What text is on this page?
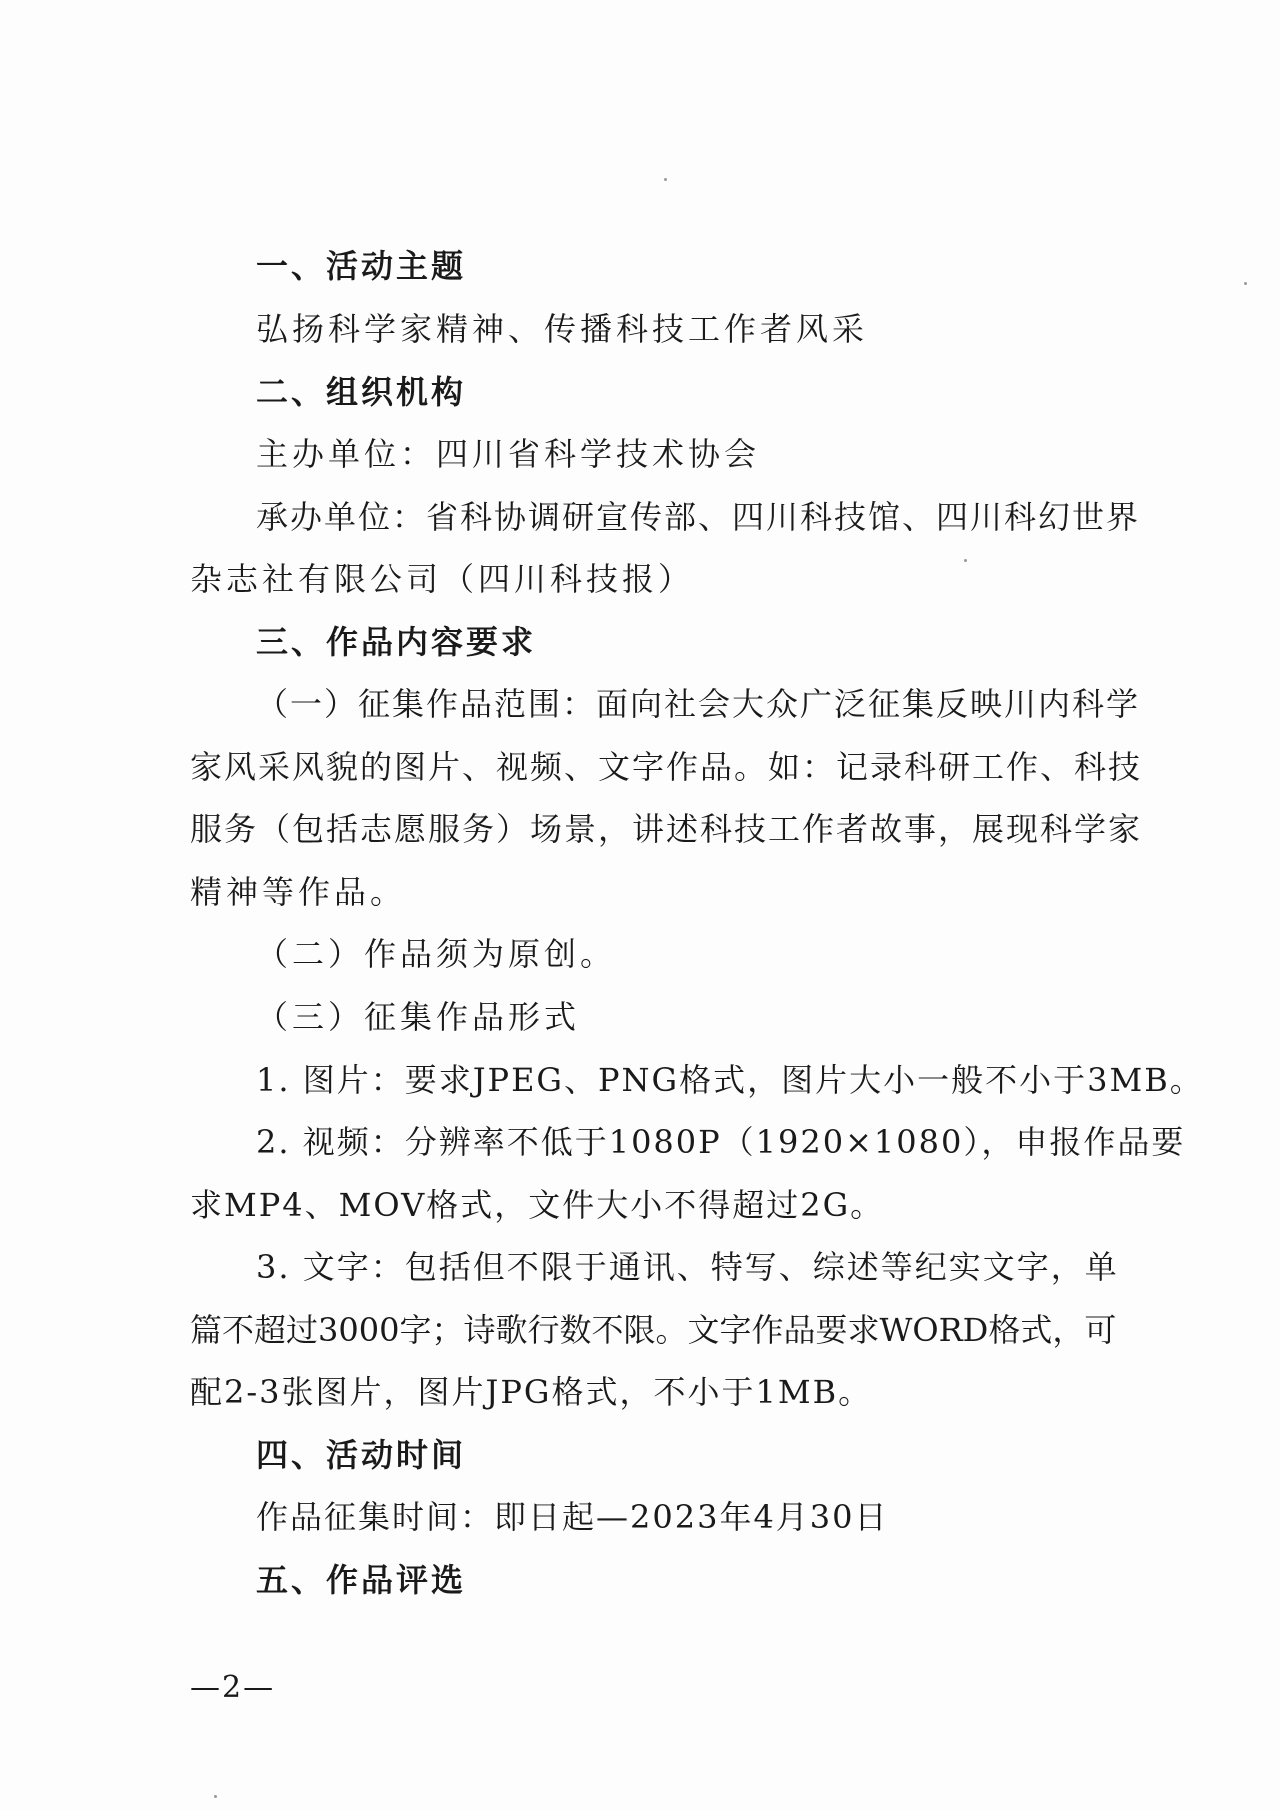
一、活动主题
弘扬科学家精神、传播科技工作者风采
二、组织机构
主办单位：四川省科学技术协会
承办单位：省科协调研宣传部、四川科技馆、四川科幻世界
杂志社有限公司（四川科技报）
三、作品内容要求
（一）征集作品范围：面向社会大众广泛征集反映川内科学
家风采风貌的图片、视频、文字作品。如：记录科研工作、科技
服务（包括志愿服务）场景，讲述科技工作者故事，展现科学家
精神等作品。
（二）作品须为原创。
（三）征集作品形式
1. 图片：要求JPEG、PNG格式，图片大小一般不小于3MB。
2. 视频：分辨率不低于1080P（1920×1080），申报作品要
求MP4、MOV格式，文件大小不得超过2G。
3. 文字：包括但不限于通讯、特写、综述等纪实文字，单
篇不超过3000字；诗歌行数不限。文字作品要求WORD格式，可
配2-3张图片，图片JPG格式，不小于1MB。
四、活动时间
作品征集时间：即日起—2023年4月30日
五、作品评选
—2—
